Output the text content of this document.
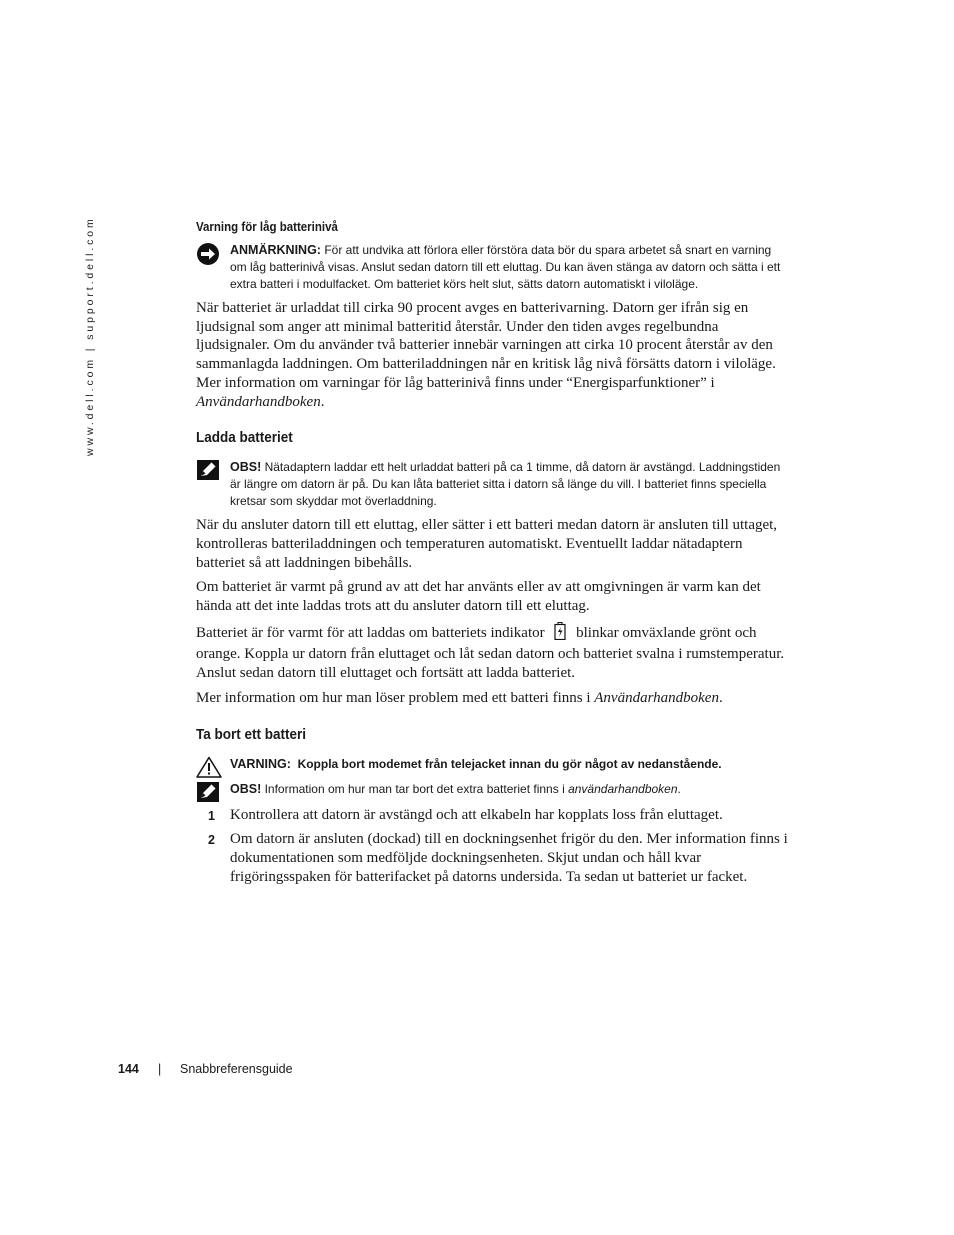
www.dell.com | support.dell.com	Varning för låg batterinivå
ANMÄRKNING: För att undvika att förlora eller förstöra data bör du spara arbetet så snart en varning
om låg batterinivå visas. Anslut sedan datorn till ett eluttag. Du kan även stänga av datorn och sätta i ett
extra batteri i modulfacket. Om batteriet körs helt slut, sätts datorn automatiskt i viloläge.
När batteriet är urladdat till cirka 90 procent avges en batterivarning. Datorn ger ifrån sig en
ljudsignal som anger att minimal batteritid återstår. Under den tiden avges regelbundna
ljudsignaler. Om du använder två batterier innebär varningen att cirka 10 procent återstår av den
sammanlagda laddningen. Om batteriladdningen når en kritisk låg nivå försätts datorn i viloläge.
Mer information om varningar för låg batterinivå finns under “Energisparfunktioner” i
Användarhandboken.
Ladda batteriet
OBS! Nätadaptern laddar ett helt urladdat batteri på ca 1 timme, då datorn är avstängd. Laddningstiden
är längre om datorn är på. Du kan låta batteriet sitta i datorn så länge du vill. I batteriet finns speciella
kretsar som skyddar mot överladdning.
När du ansluter datorn till ett eluttag, eller sätter i ett batteri medan datorn är ansluten till uttaget,
kontrolleras batteriladdningen och temperaturen automatiskt. Eventuellt laddar nätadaptern
batteriet så att laddningen bibehålls.
Om batteriet är varmt på grund av att det har använts eller av att omgivningen är varm kan det
hända att det inte laddas trots att du ansluter datorn till ett eluttag.
Batteriet är för varmt för att laddas om batteriets indikator blinkar omväxlande grönt och
orange. Koppla ur datorn från eluttaget och låt sedan datorn och batteriet svalna i rumstemperatur.
Anslut sedan datorn till eluttaget och fortsätt att ladda batteriet.
Mer information om hur man löser problem med ett batteri finns i Användarhandboken.
Ta bort ett batteri
VARNING: Koppla bort modemet från telejacket innan du gör något av nedanstående.
OBS! Information om hur man tar bort det extra batteriet finns i användarhandboken.
1 Kontrollera att datorn är avstängd och att elkabeln har kopplats loss från eluttaget.
2 Om datorn är ansluten (dockad) till en dockningsenhet frigör du den. Mer information finns i
dokumentationen som medföljde dockningsenheten. Skjut undan och håll kvar
frigöringsspaken för batterifacket på datorns undersida. Ta sedan ut batteriet ur facket.
144 | Snabbreferensguide
